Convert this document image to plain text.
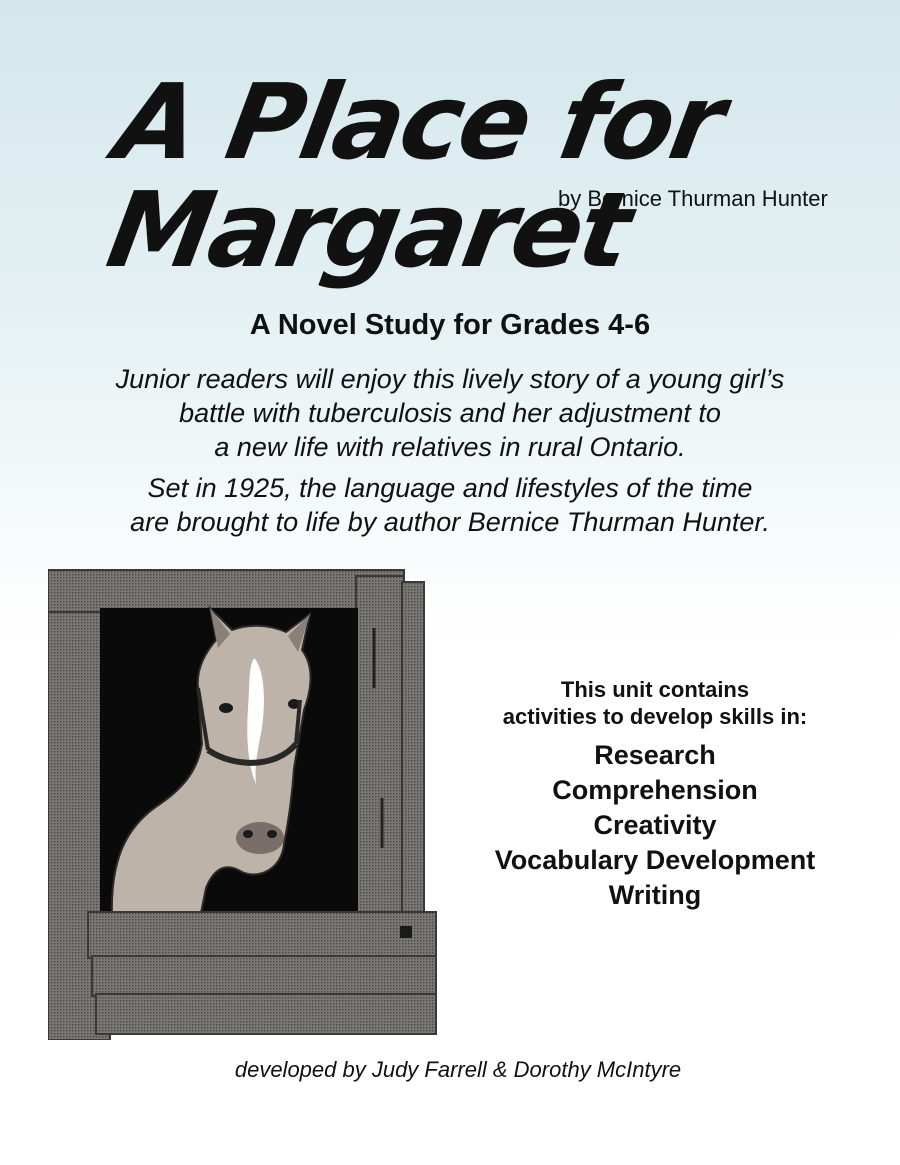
A Place for
Margaret
by Bernice Thurman Hunter
A Novel Study for Grades 4-6

Junior readers will enjoy this lively story of a young girl’s
battle with tuberculosis and her adjustment to
a new life with relatives in rural Ontario.

Set in 1925, the language and lifestyles of the time
are brought to life by author Bernice Thurman Hunter.

This unit contains
activities to develop skills in:

Research
Comprehension
Creativity
Vocabulary Development
Writing

developed by Judy Farrell & Dorothy McIntyre
